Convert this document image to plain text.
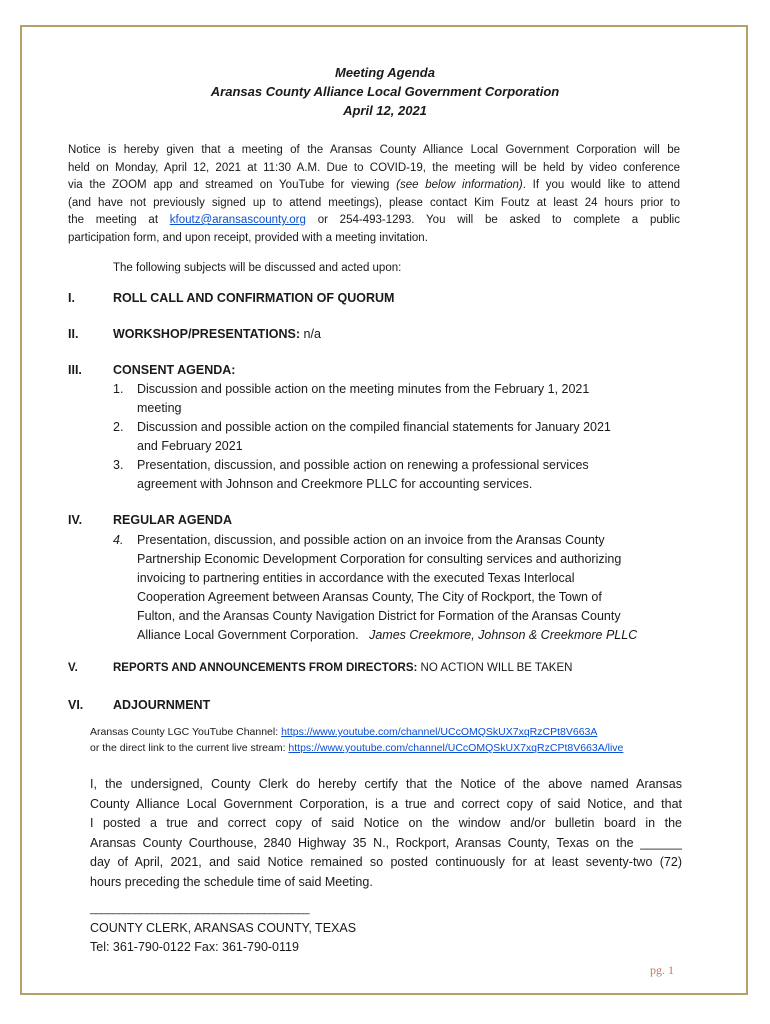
Meeting Agenda
Aransas County Alliance Local Government Corporation
April 12, 2021
Notice is hereby given that a meeting of the Aransas County Alliance Local Government Corporation will be
held on Monday, April 12, 2021 at 11:30 A.M. Due to COVID-19, the meeting will be held by video conference
via the ZOOM app and streamed on YouTube for viewing (see below information). If you would like to attend
(and have not previously signed up to attend meetings), please contact Kim Foutz at least 24 hours prior to
the meeting at kfoutz@aransascounty.org or 254-493-1293. You will be asked to complete a public
participation form, and upon receipt, provided with a meeting invitation.
The following subjects will be discussed and acted upon:
I.	ROLL CALL AND CONFIRMATION OF QUORUM
II.	WORKSHOP/PRESENTATIONS: n/a
III. CONSENT AGENDA:
1. Discussion and possible action on the meeting minutes from the February 1, 2021
meeting
2. Discussion and possible action on the compiled financial statements for January 2021
and February 2021
3. Presentation, discussion, and possible action on renewing a professional services
agreement with Johnson and Creekmore PLLC for accounting services.
IV. REGULAR AGENDA
4. Presentation, discussion, and possible action on an invoice from the Aransas County
Partnership Economic Development Corporation for consulting services and authorizing
invoicing to partnering entities in accordance with the executed Texas Interlocal
Cooperation Agreement between Aransas County, The City of Rockport, the Town of
Fulton, and the Aransas County Navigation District for Formation of the Aransas County
Alliance Local Government Corporation. James Creekmore, Johnson & Creekmore PLLC
V.	REPORTS AND ANNOUNCEMENTS FROM DIRECTORS: NO ACTION WILL BE TAKEN
VI. ADJOURNMENT
Aransas County LGC YouTube Channel: https://www.youtube.com/channel/UCcOMQSkUX7xqRzCPt8V663A
or the direct link to the current live stream: https://www.youtube.com/channel/UCcOMQSkUX7xqRzCPt8V663A/live
I, the undersigned, County Clerk do hereby certify that the Notice of the above named Aransas
County Alliance Local Government Corporation, is a true and correct copy of said Notice, and that
I posted a true and correct copy of said Notice on the window and/or bulletin board in the
Aransas County Courthouse, 2840 Highway 35 N., Rockport, Aransas County, Texas on the ______
day of April, 2021, and said Notice remained so posted continuously for at least seventy-two (72)
hours preceding the schedule time of said Meeting.
_______________________________________
COUNTY CLERK, ARANSAS COUNTY, TEXAS
Tel: 361-790-0122 Fax: 361-790-0119
pg. 1
